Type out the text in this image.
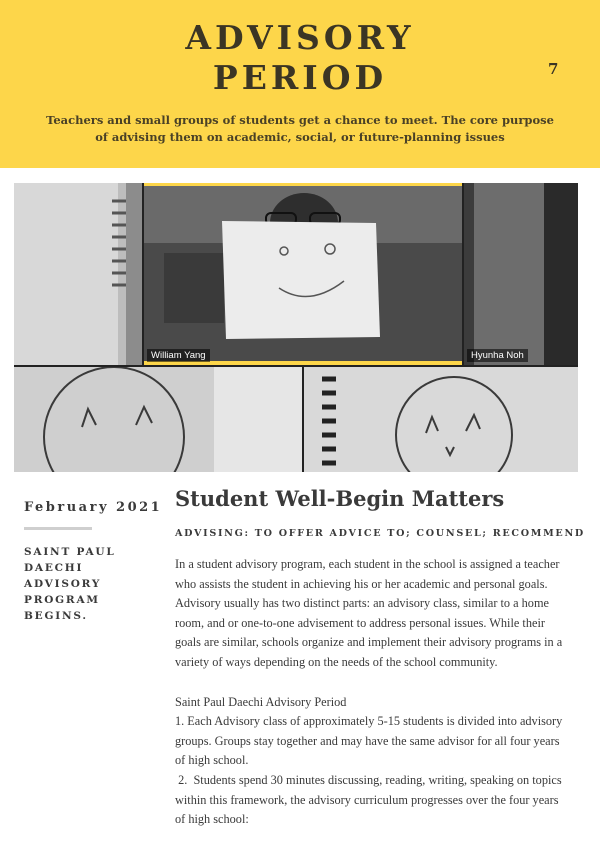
ADVISORY
PERIOD	7
Teachers and small groups of students get a chance to meet. The core purpose of advising them on academic, social, or future-planning issues
William Yang	Hyunha Noh
February 2021
SAINT PAUL DAECHI ADVISORY PROGRAM BEGINS.
Student Well-Begin Matters
ADVISING: TO OFFER ADVICE TO; COUNSEL; RECOMMEND

In a student advisory program, each student in the school is assigned a teacher who assists the student in achieving his or her academic and personal goals. Advisory usually has two distinct parts: an advisory class, similar to a home room, and or one-to-one advisement to address personal issues. While their goals are similar, schools organize and implement their advisory programs in a variety of ways depending on the needs of the school community.

Saint Paul Daechi Advisory Period

1. Each Advisory class of approximately 5-15 students is divided into advisory groups. Groups stay together and may have the same advisor for all four years of high school.

2.  Students spend 30 minutes discussing, reading, writing, speaking on topics within this framework, the advisory curriculum progresses over the four years of high school:
